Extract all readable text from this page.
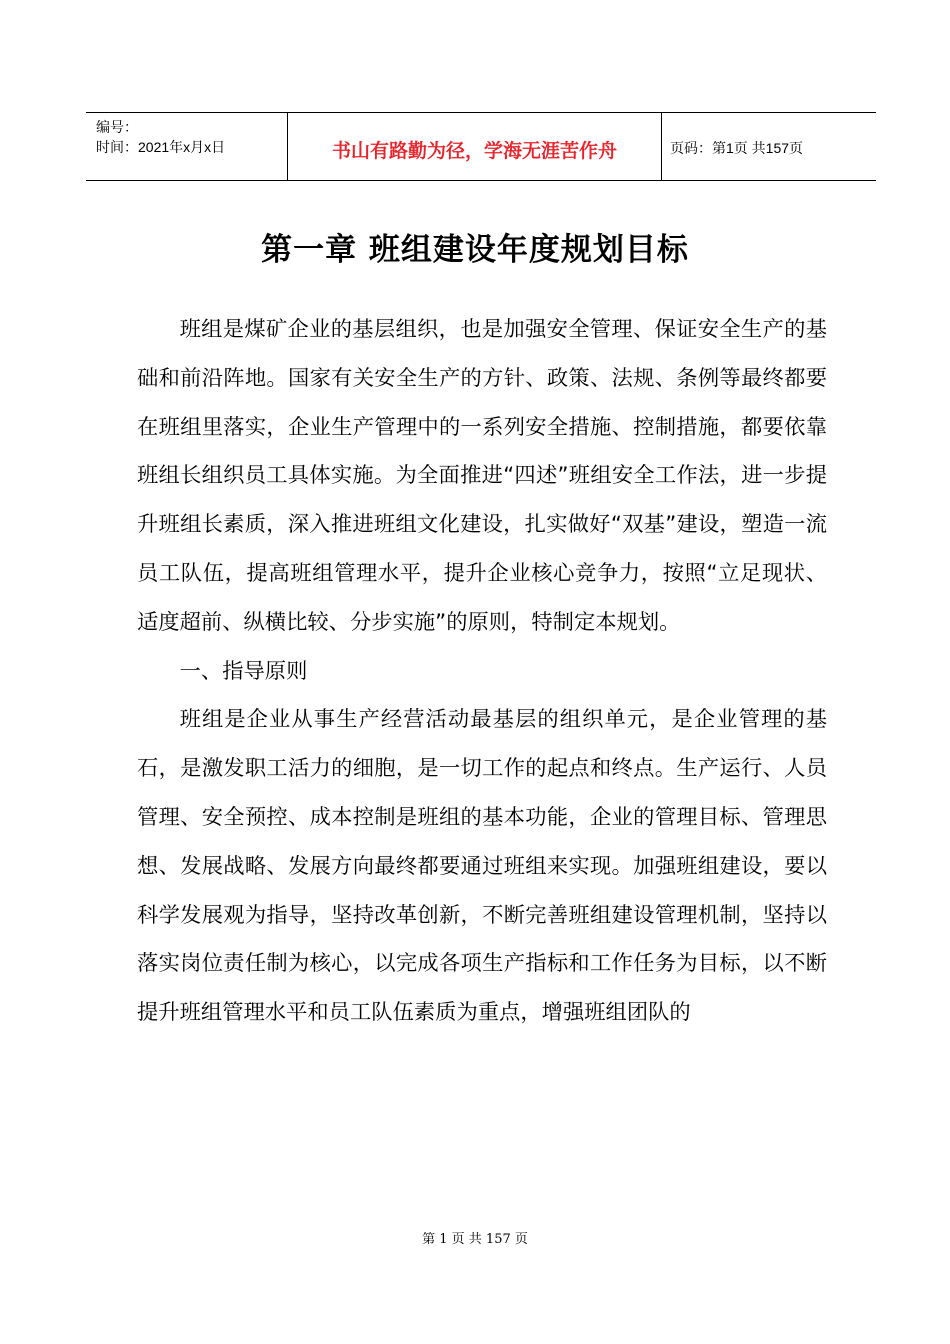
编号：
时间：2021年x月x日	书山有路勤为径，学海无涯苦作舟	页码：第1页 共157页
第一章 班组建设年度规划目标

班组是煤矿企业的基层组织，也是加强安全管理、保证安全生产的基础和前沿阵地。国家有关安全生产的方针、政策、法规、条例等最终都要在班组里落实，企业生产管理中的一系列安全措施、控制措施，都要依靠班组长组织员工具体实施。为全面推进“四述”班组安全工作法，进一步提升班组长素质，深入推进班组文化建设，扎实做好“双基”建设，塑造一流员工队伍，提高班组管理水平，提升企业核心竞争力，按照“立足现状、适度超前、纵横比较、分步实施”的原则，特制定本规划。

一、指导原则

班组是企业从事生产经营活动最基层的组织单元，是企业管理的基石，是激发职工活力的细胞，是一切工作的起点和终点。生产运行、人员管理、安全预控、成本控制是班组的基本功能，企业的管理目标、管理思想、发展战略、发展方向最终都要通过班组来实现。加强班组建设，要以科学发展观为指导，坚持改革创新，不断完善班组建设管理机制，坚持以落实岗位责任制为核心，以完成各项生产指标和工作任务为目标，以不断提升班组管理水平和员工队伍素质为重点，增强班组团队的

第 1 页 共 157 页
